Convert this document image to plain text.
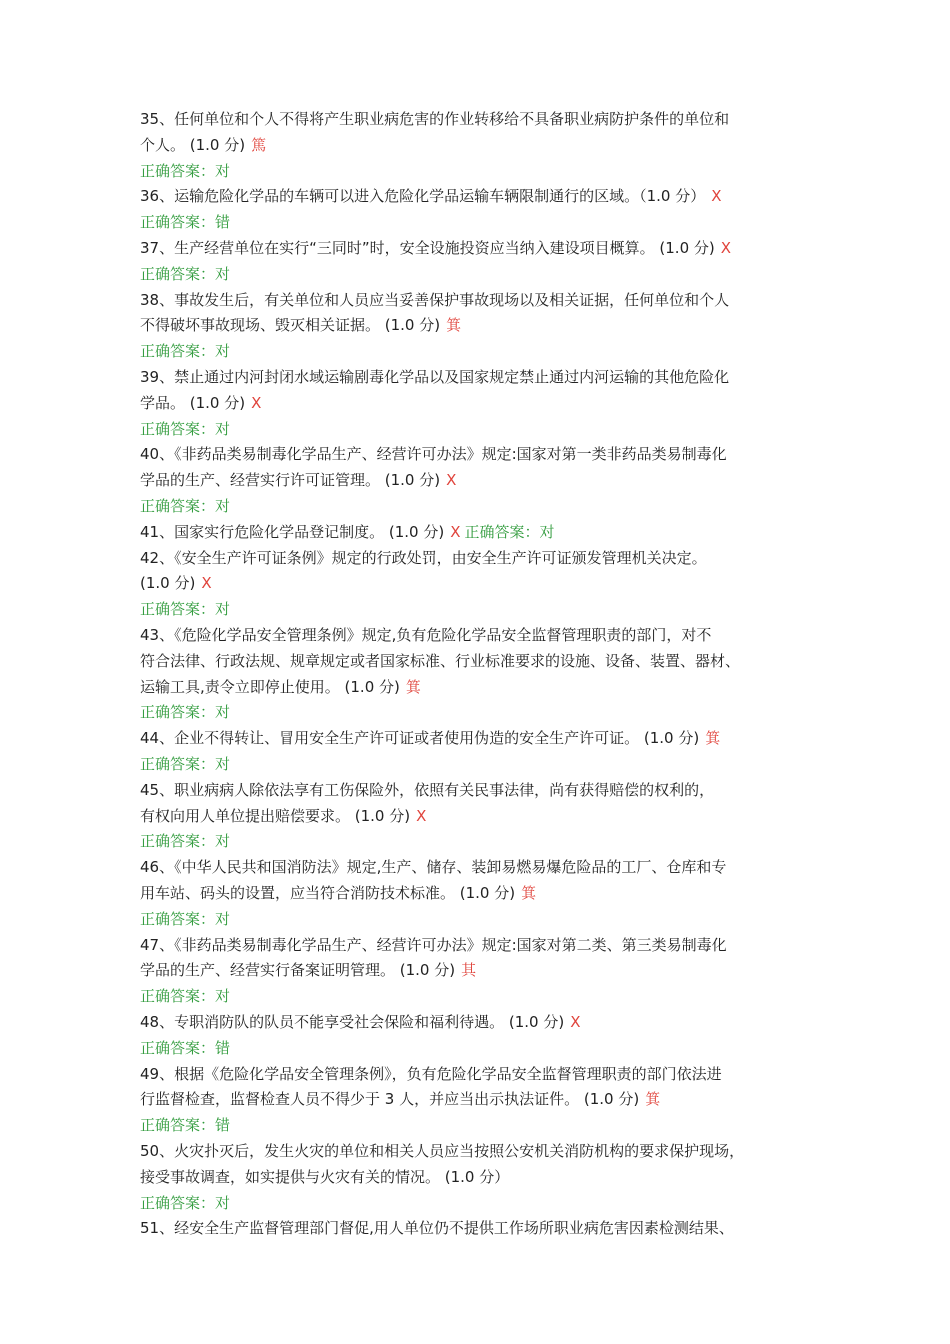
35、任何单位和个人不得将产生职业病危害的作业转移给不具备职业病防护条件的单位和
个人。 (1.0 分) 篤
正确答案：对
36、运输危险化学品的车辆可以进入危险化学品运输车辆限制通行的区域。（1.0 分） X
正确答案：错
37、生产经营单位在实行“三同时”时，安全设施投资应当纳入建设项目概算。 (1.0 分) X
正确答案：对
38、事故发生后，有关单位和人员应当妥善保护事故现场以及相关证据，任何单位和个人
不得破坏事故现场、毁灭相关证据。 (1.0 分) 箕
正确答案：对
39、禁止通过内河封闭水域运输剧毒化学品以及国家规定禁止通过内河运输的其他危险化
学品。 (1.0 分) X
正确答案：对
40、《非药品类易制毒化学品生产、经营许可办法》规定:国家对第一类非药品类易制毒化
学品的生产、经营实行许可证管理。 (1.0 分) X
正确答案：对
41、国家实行危险化学品登记制度。 (1.0 分) X 正确答案：对
42、《安全生产许可证条例》规定的行政处罚，由安全生产许可证颁发管理机关决定。
(1.0 分) X
正确答案：对
43、《危险化学品安全管理条例》规定,负有危险化学品安全监督管理职责的部门，对不
符合法律、行政法规、规章规定或者国家标准、行业标准要求的设施、设备、装置、器材、
运输工具,责令立即停止使用。 (1.0 分) 箕
正确答案：对
44、企业不得转让、冒用安全生产许可证或者使用伪造的安全生产许可证。 (1.0 分) 箕
正确答案：对
45、职业病病人除依法享有工伤保险外，依照有关民事法律，尚有获得赔偿的权利的，
有权向用人单位提出赔偿要求。 (1.0 分) X
正确答案：对
46、《中华人民共和国消防法》规定,生产、储存、装卸易燃易爆危险品的工厂、仓库和专
用车站、码头的设置，应当符合消防技术标准。 (1.0 分) 箕
正确答案：对
47、《非药品类易制毒化学品生产、经营许可办法》规定:国家对第二类、第三类易制毒化
学品的生产、经营实行备案证明管理。 (1.0 分) 其
正确答案：对
48、专职消防队的队员不能享受社会保险和福利待遇。 (1.0 分) X
正确答案：错
49、根据《危险化学品安全管理条例》，负有危险化学品安全监督管理职责的部门依法进
行监督检查，监督检查人员不得少于 3 人，并应当出示执法证件。 (1.0 分) 箕
正确答案：错
50、火灾扑灭后，发生火灾的单位和相关人员应当按照公安机关消防机构的要求保护现场，
接受事故调查，如实提供与火灾有关的情况。 (1.0 分）
正确答案：对
51、经安全生产监督管理部门督促,用人单位仍不提供工作场所职业病危害因素检测结果、
